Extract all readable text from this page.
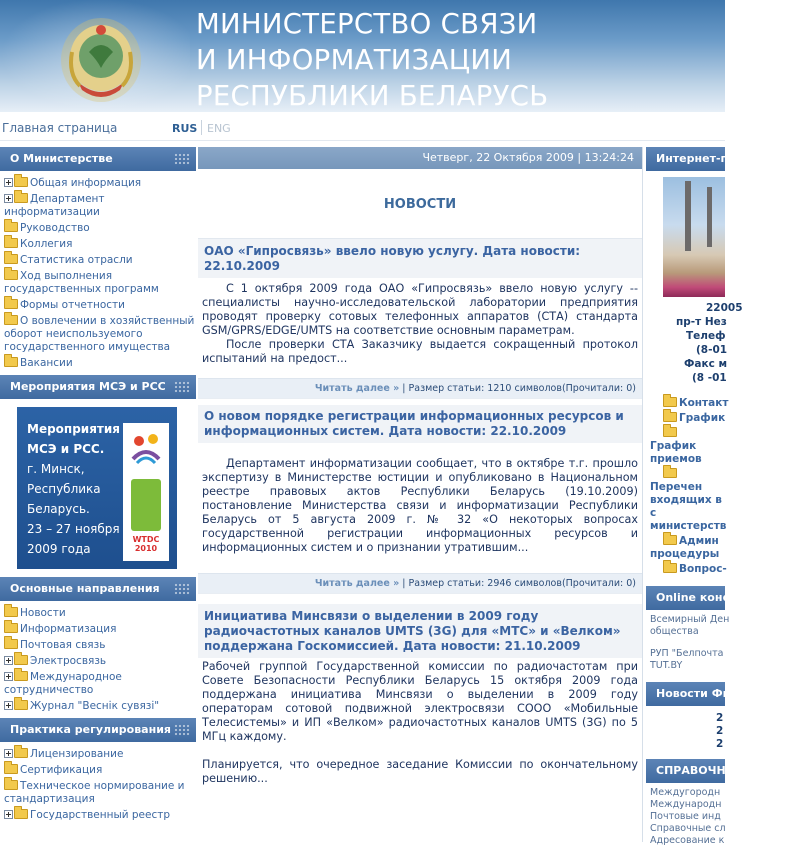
МИНИСТЕРСТВО СВЯЗИ
И ИНФОРМАТИЗАЦИИ
РЕСПУБЛИКИ БЕЛАРУСЬ
Главная страница	RUS ENG
О Министерстве
Общая информация
Департамент информатизации
Руководство
Коллегия
Статистика отрасли
Ход выполнения государственных программ
Формы отчетности
О вовлечении в хозяйственный оборот неиспользуемого государственного имущества
Вакансии
Мероприятия МСЭ и РСС
Мероприятия МСЭ и РСС.
г. Минск, Республика Беларусь.
23 – 27 ноября 2009 года
WTDC 2010
Основные направления
Новости
Информатизация
Почтовая связь
Электросвязь
Международное сотрудничество
Журнал "Веснік сувязі"
Практика регулирования
Лицензирование
Сертификация
Техническое нормирование и стандартизация
Государственный реестр
Четверг, 22 Октября 2009 | 13:24:24
НОВОСТИ
ОАО «Гипросвязь» ввело новую услугу. Дата новости: 22.10.2009

С 1 октября 2009 года ОАО «Гипросвязь» ввело новую услугу -- специалисты научно-исследовательской лаборатории предприятия проводят проверку сотовых телефонных аппаратов (СТА) стандарта GSM/GPRS/EDGE/UMTS на соответствие основным параметрам.

После проверки СТА Заказчику выдается сокращенный протокол испытаний на предост...

Читать далее » | Размер статьи: 1210 символов(Прочитали: 0)
О новом порядке регистрации информационных ресурсов и информационных систем. Дата новости: 22.10.2009

Департамент информатизации сообщает, что в октябре т.г. прошло экспертизу в Министерстве юстиции и опубликовано в Национальном реестре правовых актов Республики Беларусь (19.10.2009) постановление Министерства связи и информатизации Республики Беларусь от 5 августа 2009 г. № 32 «О некоторых вопросах государственной регистрации информационных ресурсов и информационных систем и о признании утратившим...

Читать далее » | Размер статьи: 2946 символов(Прочитали: 0)
Инициатива Минсвязи о выделении в 2009 году радиочастотных каналов UMTS (3G) для «МТС» и «Велком» поддержана Госкомиссией. Дата новости: 21.10.2009

Рабочей группой Государственной комиссии по радиочастотам при Совете Безопасности Республики Беларусь 15 октября 2009 года поддержана инициатива Минсвязи о выделении в 2009 году операторам сотовой подвижной электросвязи СООО «Мобильные Телесистемы» и ИП «Велком» радиочастотных каналов UMTS (3G) по 5 МГц каждому.

Планируется, что очередное заседание Комиссии по окончательному решению...

Интернет-приемная
22005
пр-т Нез
Телеф
(8-01
Факс м
(8 -01
Контакт
График
График приемов
Перечен входящих в с министерств
Админ процедуры
Вопрос-
Online конференции
Всемирный Ден
общества
РУП "Белпочта
TUT.BY
Новости Фил
2
2
2
СПРАВОЧНА
Междугородн
Международн
Почтовые инд
Справочные сл
Адресование к
